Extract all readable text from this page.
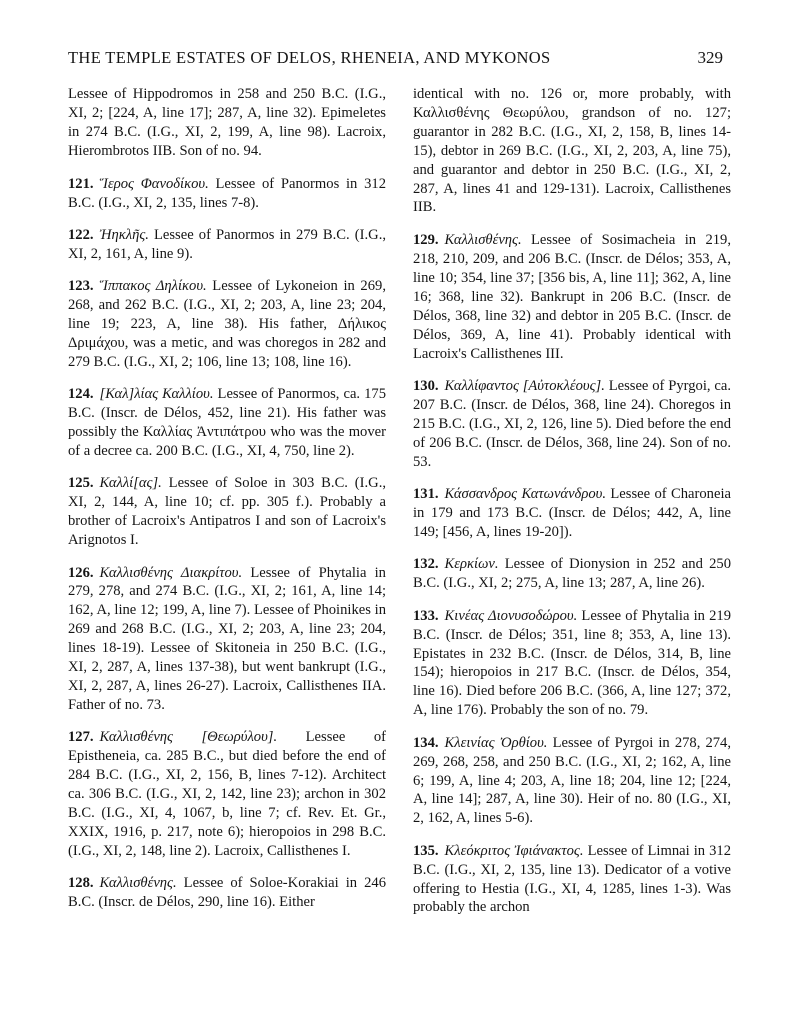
THE TEMPLE ESTATES OF DELOS, RHENEIA, AND MYKONOS	329

Lessee of Hippodromos in 258 and 250 B.C. (I.G., XI, 2; [224, A, line 17]; 287, A, line 32). Epimeletes in 274 B.C. (I.G., XI, 2, 199, A, line 98). Lacroix, Hierombrotos IIB. Son of no. 94.

121. Ἵερος Φανοδίκου. Lessee of Panormos in 312 B.C. (I.G., XI, 2, 135, lines 7-8).

122. Ἠηκλῆς. Lessee of Panormos in 279 B.C. (I.G., XI, 2, 161, A, line 9).

123. Ἵππακος Δηλίκου. Lessee of Lykoneion in 269, 268, and 262 B.C. (I.G., XI, 2; 203, A, line 23; 204, line 19; 223, A, line 38). His father, Δήλικος Δριμάχου, was a metic, and was choregos in 282 and 279 B.C. (I.G., XI, 2; 106, line 13; 108, line 16).

124. [Καλ]λίας Καλλίου. Lessee of Panormos, ca. 175 B.C. (Inscr. de Délos, 452, line 21). His father was possibly the Καλλίας Ἀντιπάτρου who was the mover of a decree ca. 200 B.C. (I.G., XI, 4, 750, line 2).

125. Καλλί[ας]. Lessee of Soloe in 303 B.C. (I.G., XI, 2, 144, A, line 10; cf. pp. 305 f.). Probably a brother of Lacroix's Antipatros I and son of Lacroix's Arignotos I.

126. Καλλισθένης Διακρίτου. Lessee of Phytalia in 279, 278, and 274 B.C. (I.G., XI, 2; 161, A, line 14; 162, A, line 12; 199, A, line 7). Lessee of Phoinikes in 269 and 268 B.C. (I.G., XI, 2; 203, A, line 23; 204, lines 18-19). Lessee of Skitoneia in 250 B.C. (I.G., XI, 2, 287, A, lines 137-38), but went bankrupt (I.G., XI, 2, 287, A, lines 26-27). Lacroix, Callisthenes IIA. Father of no. 73.

127. Καλλισθένης [Θεωρύλου]. Lessee of Epistheneia, ca. 285 B.C., but died before the end of 284 B.C. (I.G., XI, 2, 156, B, lines 7-12). Architect ca. 306 B.C. (I.G., XI, 2, 142, line 23); archon in 302 B.C. (I.G., XI, 4, 1067, b, line 7; cf. Rev. Et. Gr., XXIX, 1916, p. 217, note 6); hieropoios in 298 B.C. (I.G., XI, 2, 148, line 2). Lacroix, Callisthenes I.

128. Καλλισθένης. Lessee of Soloe-Korakiai in 246 B.C. (Inscr. de Délos, 290, line 16). Either

identical with no. 126 or, more probably, with Καλλισθένης Θεωρύλου, grandson of no. 127; guarantor in 282 B.C. (I.G., XI, 2, 158, B, lines 14-15), debtor in 269 B.C. (I.G., XI, 2, 203, A, line 75), and guarantor and debtor in 250 B.C. (I.G., XI, 2, 287, A, lines 41 and 129-131). Lacroix, Callisthenes IIB.

129. Καλλισθένης. Lessee of Sosimacheia in 219, 218, 210, 209, and 206 B.C. (Inscr. de Délos; 353, A, line 10; 354, line 37; [356 bis, A, line 11]; 362, A, line 16; 368, line 32). Bankrupt in 206 B.C. (Inscr. de Délos, 368, line 32) and debtor in 205 B.C. (Inscr. de Délos, 369, A, line 41). Probably identical with Lacroix's Callisthenes III.

130. Καλλίφαντος [Αὐτοκλέους]. Lessee of Pyrgoi, ca. 207 B.C. (Inscr. de Délos, 368, line 24). Choregos in 215 B.C. (I.G., XI, 2, 126, line 5). Died before the end of 206 B.C. (Inscr. de Délos, 368, line 24). Son of no. 53.

131. Κάσσανδρος Κατωνάνδρου. Lessee of Charoneia in 179 and 173 B.C. (Inscr. de Délos; 442, A, line 149; [456, A, lines 19-20]).

132. Κερκίων. Lessee of Dionysion in 252 and 250 B.C. (I.G., XI, 2; 275, A, line 13; 287, A, line 26).

133. Κινέας Διονυσοδώρου. Lessee of Phytalia in 219 B.C. (Inscr. de Délos; 351, line 8; 353, A, line 13). Epistates in 232 B.C. (Inscr. de Délos, 314, B, line 154); hieropoios in 217 B.C. (Inscr. de Délos, 354, line 16). Died before 206 B.C. (366, A, line 127; 372, A, line 176). Probably the son of no. 79.

134. Κλεινίας Ὀρθίου. Lessee of Pyrgoi in 278, 274, 269, 268, 258, and 250 B.C. (I.G., XI, 2; 162, A, line 6; 199, A, line 4; 203, A, line 18; 204, line 12; [224, A, line 14]; 287, A, line 30). Heir of no. 80 (I.G., XI, 2, 162, A, lines 5-6).

135. Κλεόκριτος Ἰφιάνακτος. Lessee of Limnai in 312 B.C. (I.G., XI, 2, 135, line 13). Dedicator of a votive offering to Hestia (I.G., XI, 4, 1285, lines 1-3). Was probably the archon
